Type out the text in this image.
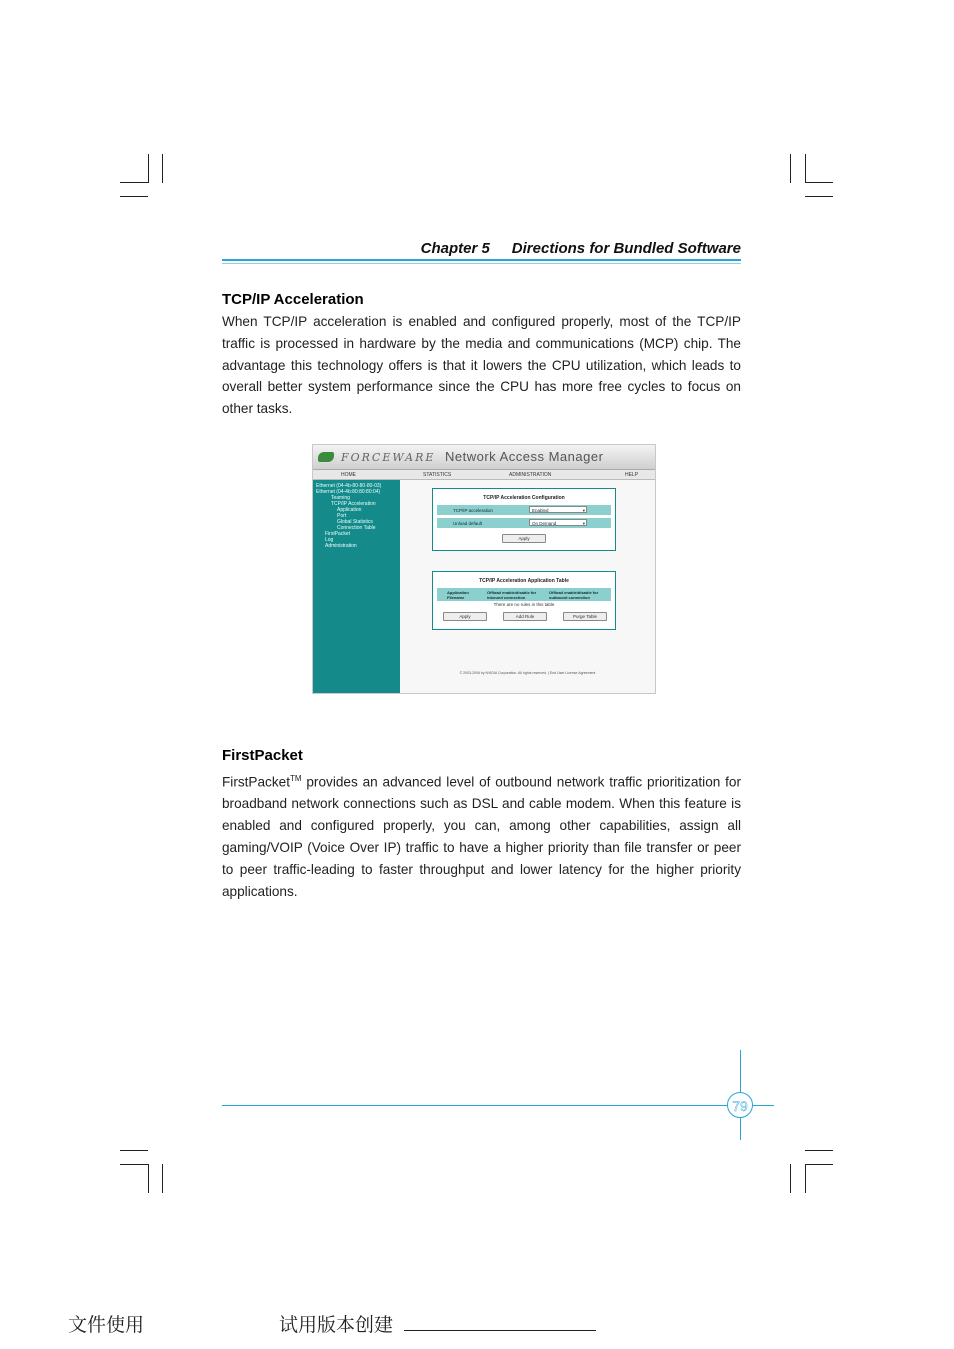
Chapter 5 Directions for Bundled Software
TCP/IP Acceleration
When TCP/IP acceleration is enabled and configured properly, most of the TCP/IP traffic is processed in hardware by the media and communications (MCP) chip. The advantage this technology offers is that it lowers the CPU utilization, which leads to overall better system performance since the CPU has more free cycles to focus on other tasks.
FORCEWARE Network Access Manager
HOME	STATISTICS	ADMINISTRATION	HELP
Ethernet (04-4b-80-80-80-03)
Ethernet (04-4b:80:80:80:04)
Teaming
TCP/IP Acceleration
Application
Port
Global Statistics
Connection Table
FirstPacket
Log
Administration
TCP/IP Acceleration Configuration
TCP/IP acceleration	Enabled	▾
Unload default	On Demand	▾
Apply
TCP/IP Acceleration Application Table
Application Filename
Offload enable/disable for inbound connection
Offload enable/disable for outbound connection
There are no rules in this table
Apply	Add Rule	Purge Table
© 2003-2006 by NVIDIA Corporation. All rights reserved. | End User License Agreement
FirstPacket
FirstPacket™ provides an advanced level of outbound network traffic prioritization for broadband network connections such as DSL and cable modem. When this feature is enabled and configured properly, you can, among other capabilities, assign all gaming/VOIP (Voice Over IP) traffic to have a higher priority than file transfer or peer to peer traffic-leading to faster throughput and lower latency for the higher priority applications.
79
文件使用	试用版本创建
